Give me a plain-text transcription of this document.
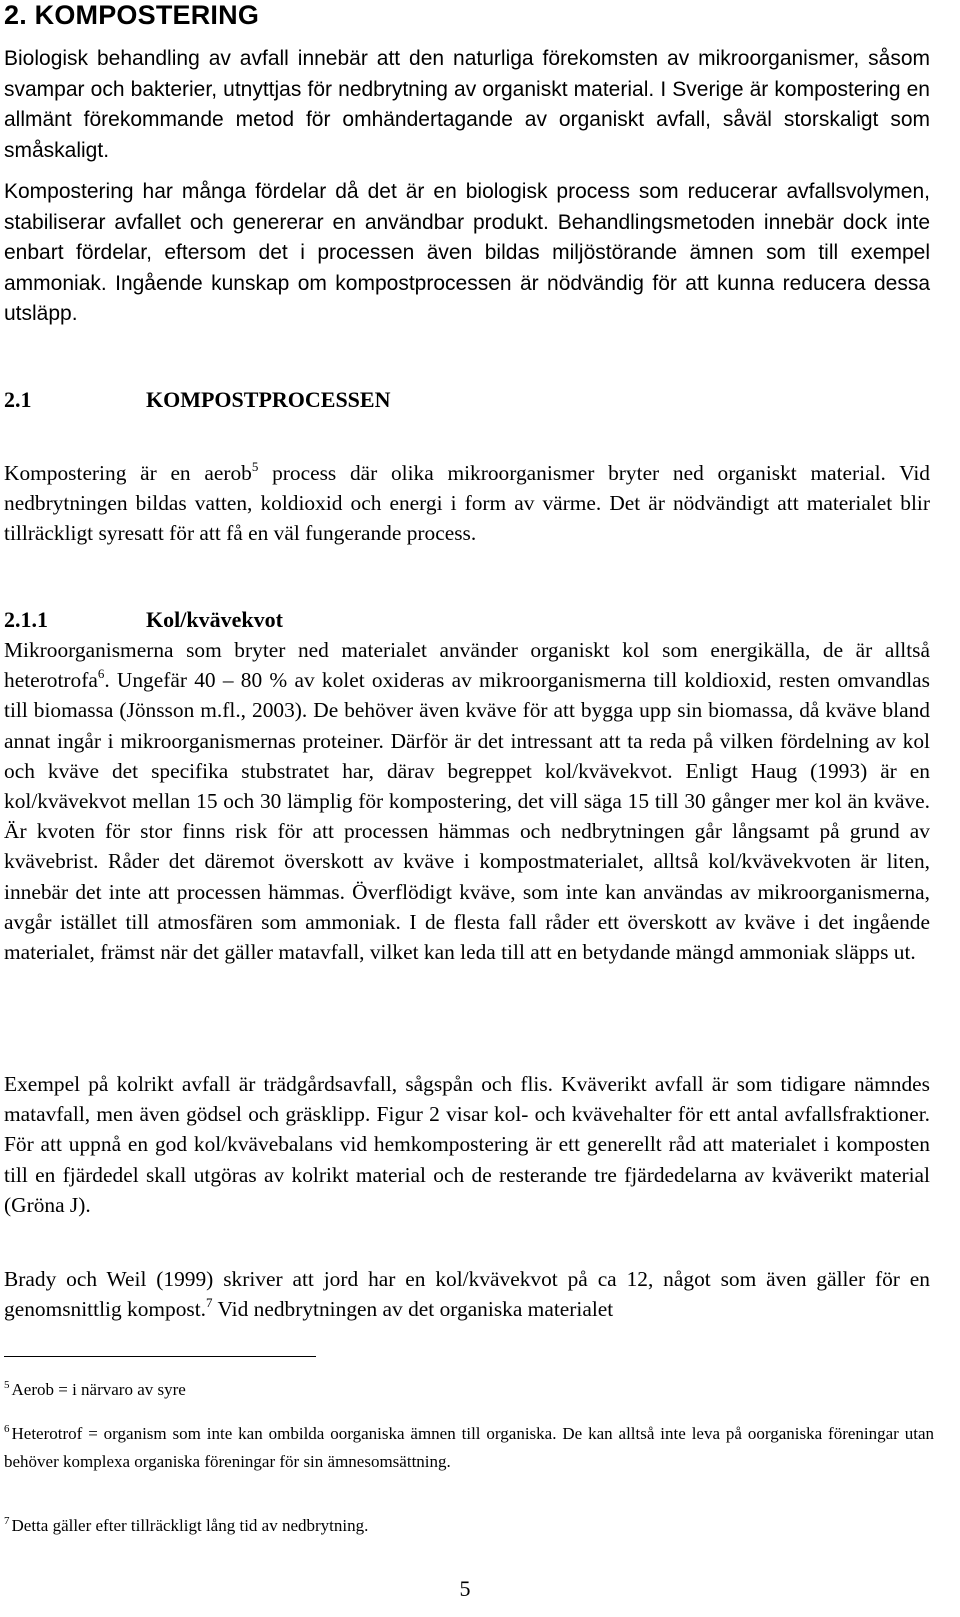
2. KOMPOSTERING

Biologisk behandling av avfall innebär att den naturliga förekomsten av mikroorganismer, såsom svampar och bakterier, utnyttjas för nedbrytning av organiskt material. I Sverige är kompostering en allmänt förekommande metod för omhändertagande av organiskt avfall, såväl storskaligt som småskaligt.

Kompostering har många fördelar då det är en biologisk process som reducerar avfallsvolymen, stabiliserar avfallet och genererar en användbar produkt. Behandlingsmetoden innebär dock inte enbart fördelar, eftersom det i processen även bildas miljöstörande ämnen som till exempel ammoniak. Ingående kunskap om kompostprocessen är nödvändig för att kunna reducera dessa utsläpp.

2.1	KOMPOSTPROCESSEN

Kompostering är en aerob$^5$ process där olika mikroorganismer bryter ned organiskt material. Vid nedbrytningen bildas vatten, koldioxid och energi i form av värme. Det är nödvändigt att materialet blir tillräckligt syresatt för att få en väl fungerande process.

2.1.1	Kol/kvävekvot

Mikroorganismerna som bryter ned materialet använder organiskt kol som energikälla, de är alltså heterotrofa$^6$. Ungefär 40 – 80 % av kolet oxideras av mikroorganismerna till koldioxid, resten omvandlas till biomassa (Jönsson m.fl., 2003). De behöver även kväve för att bygga upp sin biomassa, då kväve bland annat ingår i mikroorganismernas proteiner. Därför är det intressant att ta reda på vilken fördelning av kol och kväve det specifika stubstratet har, därav begreppet kol/kvävekvot. Enligt Haug (1993) är en kol/kvävekvot mellan 15 och 30 lämplig för kompostering, det vill säga 15 till 30 gånger mer kol än kväve. Är kvoten för stor finns risk för att processen hämmas och nedbrytningen går långsamt på grund av kvävebrist. Råder det däremot överskott av kväve i kompostmaterialet, alltså kol/kvävekvoten är liten, innebär det inte att processen hämmas. Överflödigt kväve, som inte kan användas av mikroorganismerna, avgår istället till atmosfären som ammoniak. I de flesta fall råder ett överskott av kväve i det ingående materialet, främst när det gäller matavfall, vilket kan leda till att en betydande mängd ammoniak släpps ut.

Exempel på kolrikt avfall är trädgårdsavfall, sågspån och flis. Kväverikt avfall är som tidigare nämndes matavfall, men även gödsel och gräsklipp. Figur 2 visar kol- och kvävehalter för ett antal avfallsfraktioner. För att uppnå en god kol/kvävebalans vid hemkompostering är ett generellt råd att materialet i komposten till en fjärdedel skall utgöras av kolrikt material och de resterande tre fjärdedelarna av kväverikt material (Gröna J).

Brady och Weil (1999) skriver att jord har en kol/kvävekvot på ca 12, något som även gäller för en genomsnittlig kompost.$^7$ Vid nedbrytningen av det organiska materialet

$^5$ Aerob = i närvaro av syre

$^6$ Heterotrof = organism som inte kan ombilda oorganiska ämnen till organiska. De kan alltså inte leva på oorganiska föreningar utan behöver komplexa organiska föreningar för sin ämnesomsättning.

$^7$ Detta gäller efter tillräckligt lång tid av nedbrytning.

5
